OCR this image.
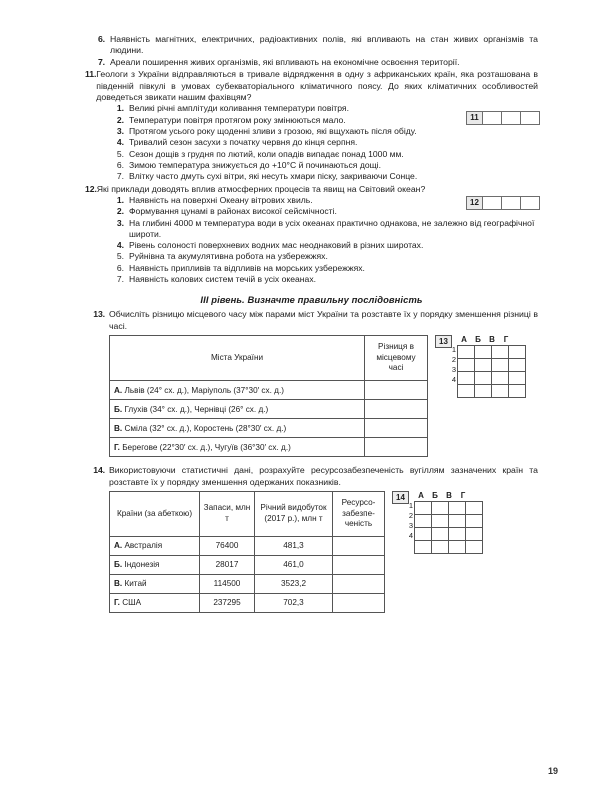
6. Наявність магнітних, електричних, радіоактивних полів, які впливають на стан живих організмів та людини.
7. Ареали поширення живих організмів, які впливають на економічне освоєння території.
11. Геологи з України відправляються в тривале відрядження в одну з африканських країн, яка розташована в південній півкулі в умовах субекваторіального кліматичного поясу. До яких кліматичних особливостей доведеться звикати нашим фахівцям?
1. Великі річні амплітуди коливання температури повітря.
2. Температури повітря протягом року змінюються мало.
3. Протягом усього року щоденні зливи з грозою, які вщухають після обіду.
4. Тривалий сезон засухи з початку червня до кінця серпня.
5. Сезон дощів з грудня по лютий, коли опадів випадає понад 1000 мм.
6. Зимою температура знижується до +10°С й починаються дощі.
7. Влітку часто дмуть сухі вітри, які несуть хмари піску, закриваючи Сонце.
11
12. Які приклади доводять вплив атмосферних процесів та явищ на Світовий океан?
1. Наявність на поверхні Океану вітрових хвиль.
2. Формування цунамі в районах високої сейсмічності.
3. На глибині 4000 м температура води в усіх океанах практично однакова, не залежно від географічної широти.
4. Рівень солоності поверхневих водних мас неоднаковий в різних широтах.
5. Руйнівна та акумулятивна робота на узбережжях.
6. Наявність припливів та відпливів на морських узбережжях.
7. Наявність колових систем течій в усіх океанах.
12
III рівень. Визначте правильну послідовність
13. Обчисліть різницю місцевого часу між парами міст України та розставте їх у порядку зменшення різниці в часі.
Міста України	Різниця в місцевому часі
А. Львів (24° сх. д.), Маріуполь (37°30′ сх. д.)	
Б. Глухів (34° сх. д.), Чернівці (26° сх. д.)	
В. Сміла (32° сх. д.), Коростень (28°30′ сх. д.)	
Г. Берегове (22°30′ сх. д.), Чугуїв (36°30′ сх. д.)	
13	А	Б	В	Г
1
2
3
4

14. Використовуючи статистичні дані, розрахуйте ресурсозабезпеченість вугіллям зазначених країн та розставте їх у порядку зменшення одержаних показників.
Країни (за абеткою)	Запаси, млн т	Річний видобуток (2017 р.), млн т	Ресурсо- забезпе- ченість
А. Австралія	76400	481,3	
Б. Індонезія	28017	461,0	
В. Китай	114500	3523,2	
Г. США	237295	702,3	
14	А	Б	В	Г
1
2
3
4

19
